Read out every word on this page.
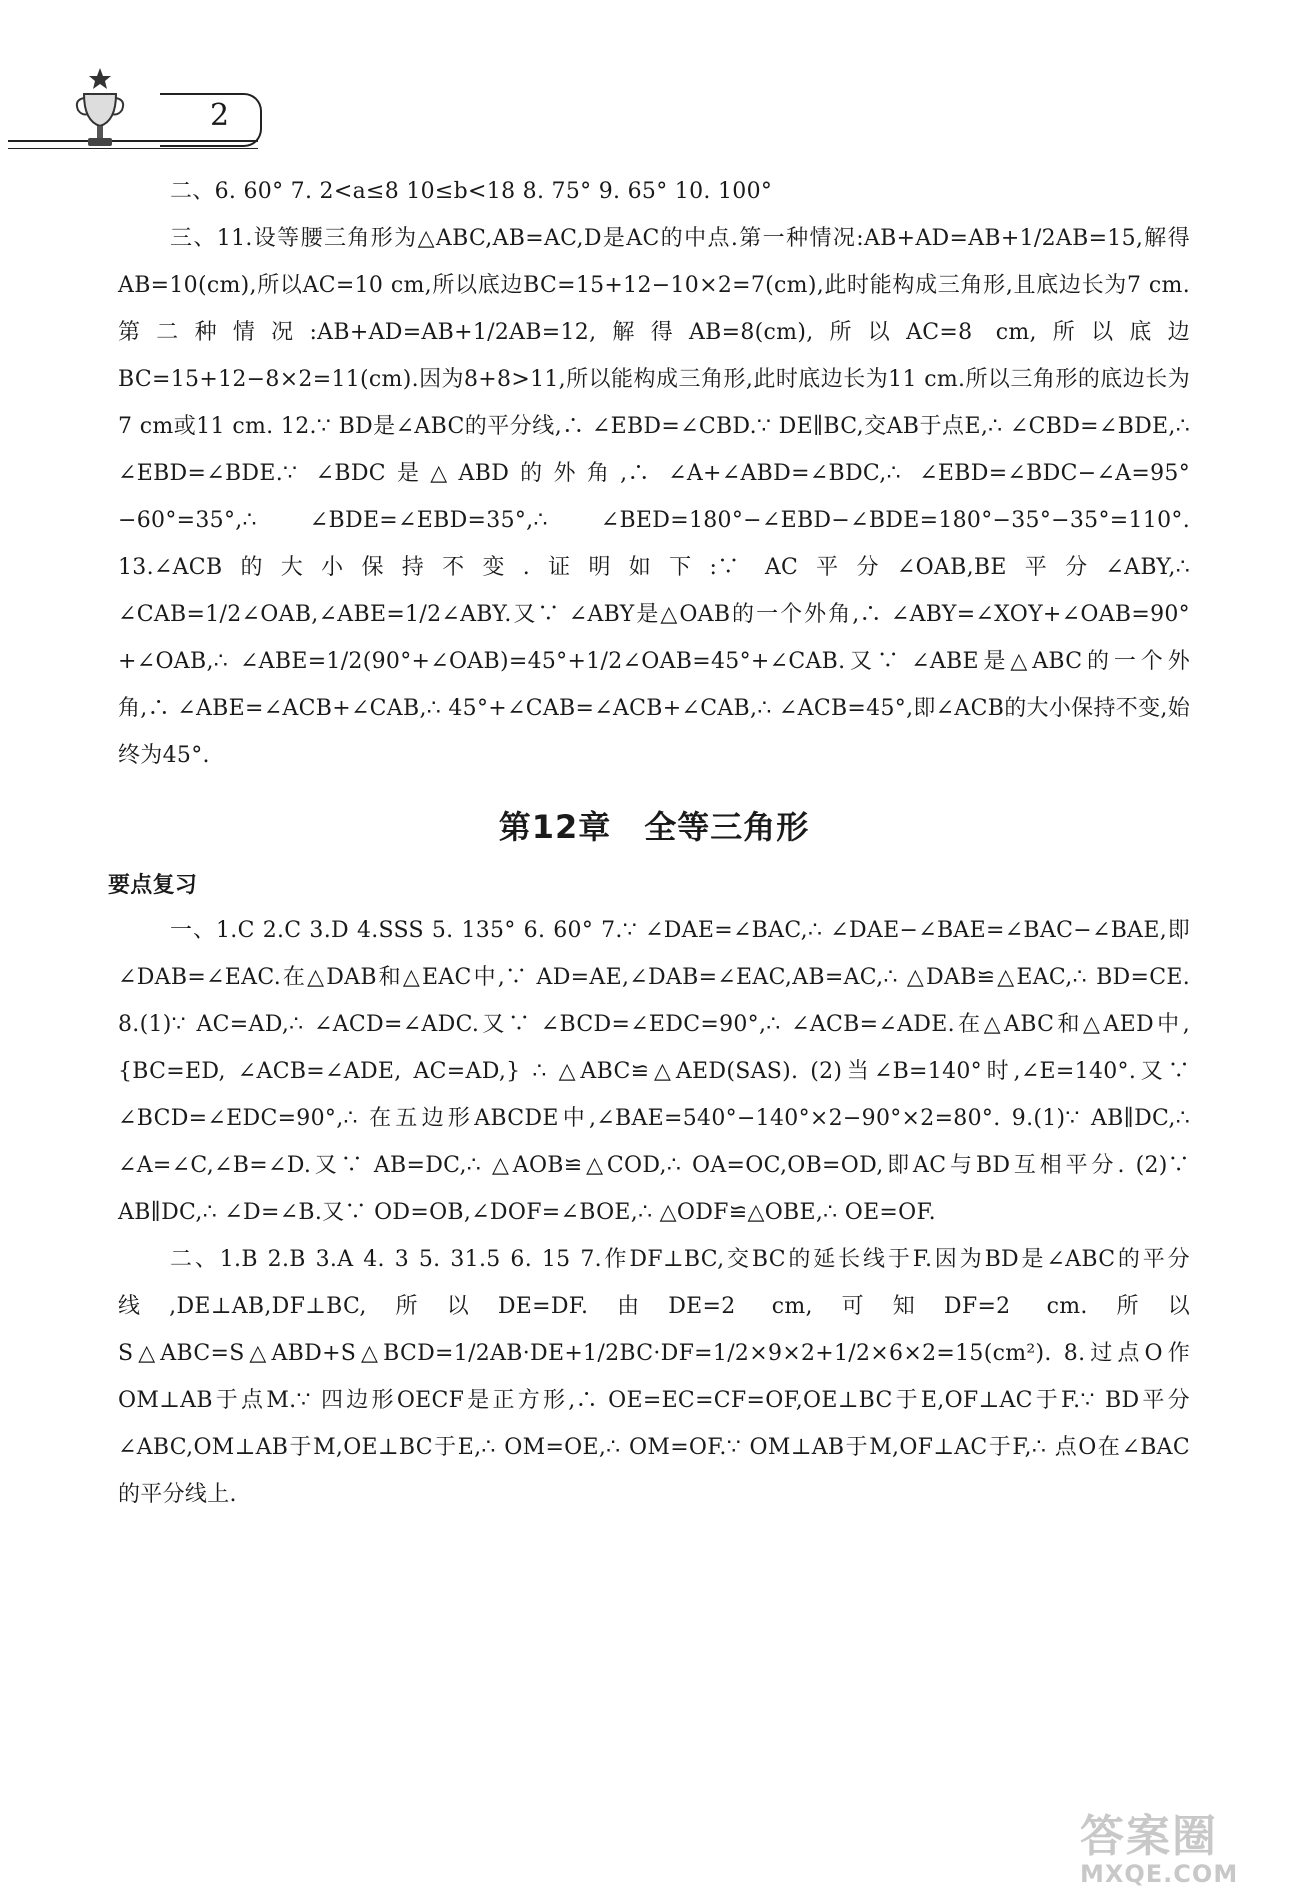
2

二、6. 60° 7. 2<a≤8 10≤b<18 8. 75° 9. 65° 10. 100°

三、11.设等腰三角形为△ABC,AB=AC,D是AC的中点.第一种情况:AB+AD=AB+1/2AB=15,解得AB=10(cm),所以AC=10 cm,所以底边BC=15+12−10×2=7(cm),此时能构成三角形,且底边长为7 cm.第二种情况:AB+AD=AB+1/2AB=12,解得AB=8(cm),所以AC=8 cm,所以底边BC=15+12−8×2=11(cm).因为8+8>11,所以能构成三角形,此时底边长为11 cm.所以三角形的底边长为7 cm或11 cm. 12.∵ BD是∠ABC的平分线,∴ ∠EBD=∠CBD.∵ DE∥BC,交AB于点E,∴ ∠CBD=∠BDE,∴ ∠EBD=∠BDE.∵ ∠BDC是△ABD的外角,∴ ∠A+∠ABD=∠BDC,∴ ∠EBD=∠BDC−∠A=95°−60°=35°,∴ ∠BDE=∠EBD=35°,∴ ∠BED=180°−∠EBD−∠BDE=180°−35°−35°=110°. 13.∠ACB的大小保持不变.证明如下:∵ AC平分∠OAB,BE平分∠ABY,∴ ∠CAB=1/2∠OAB,∠ABE=1/2∠ABY.又∵ ∠ABY是△OAB的一个外角,∴ ∠ABY=∠XOY+∠OAB=90°+∠OAB,∴ ∠ABE=1/2(90°+∠OAB)=45°+1/2∠OAB=45°+∠CAB.又∵ ∠ABE是△ABC的一个外角,∴ ∠ABE=∠ACB+∠CAB,∴ 45°+∠CAB=∠ACB+∠CAB,∴ ∠ACB=45°,即∠ACB的大小保持不变,始终为45°.

第12章　全等三角形
要点复习

一、1.C 2.C 3.D 4.SSS 5. 135° 6. 60° 7.∵ ∠DAE=∠BAC,∴ ∠DAE−∠BAE=∠BAC−∠BAE,即∠DAB=∠EAC.在△DAB和△EAC中,∵ AD=AE,∠DAB=∠EAC,AB=AC,∴ △DAB≌△EAC,∴ BD=CE. 8.(1)∵ AC=AD,∴ ∠ACD=∠ADC.又∵ ∠BCD=∠EDC=90°,∴ ∠ACB=∠ADE.在△ABC和△AED中,{BC=ED, ∠ACB=∠ADE, AC=AD,} ∴ △ABC≌△AED(SAS). (2)当∠B=140°时,∠E=140°.又∵ ∠BCD=∠EDC=90°,∴ 在五边形ABCDE中,∠BAE=540°−140°×2−90°×2=80°. 9.(1)∵ AB∥DC,∴ ∠A=∠C,∠B=∠D.又∵ AB=DC,∴ △AOB≌△COD,∴ OA=OC,OB=OD,即AC与BD互相平分. (2)∵ AB∥DC,∴ ∠D=∠B.又∵ OD=OB,∠DOF=∠BOE,∴ △ODF≌△OBE,∴ OE=OF.

二、1.B 2.B 3.A 4. 3 5. 31.5 6. 15 7.作DF⊥BC,交BC的延长线于F.因为BD是∠ABC的平分线,DE⊥AB,DF⊥BC,所以DE=DF.由DE=2 cm,可知DF=2 cm.所以S△ABC=S△ABD+S△BCD=1/2AB·DE+1/2BC·DF=1/2×9×2+1/2×6×2=15(cm²). 8.过点O作OM⊥AB于点M.∵ 四边形OECF是正方形,∴ OE=EC=CF=OF,OE⊥BC于E,OF⊥AC于F.∵ BD平分∠ABC,OM⊥AB于M,OE⊥BC于E,∴ OM=OE,∴ OM=OF.∵ OM⊥AB于M,OF⊥AC于F,∴ 点O在∠BAC的平分线上.

答案圈
MXQE.COM
